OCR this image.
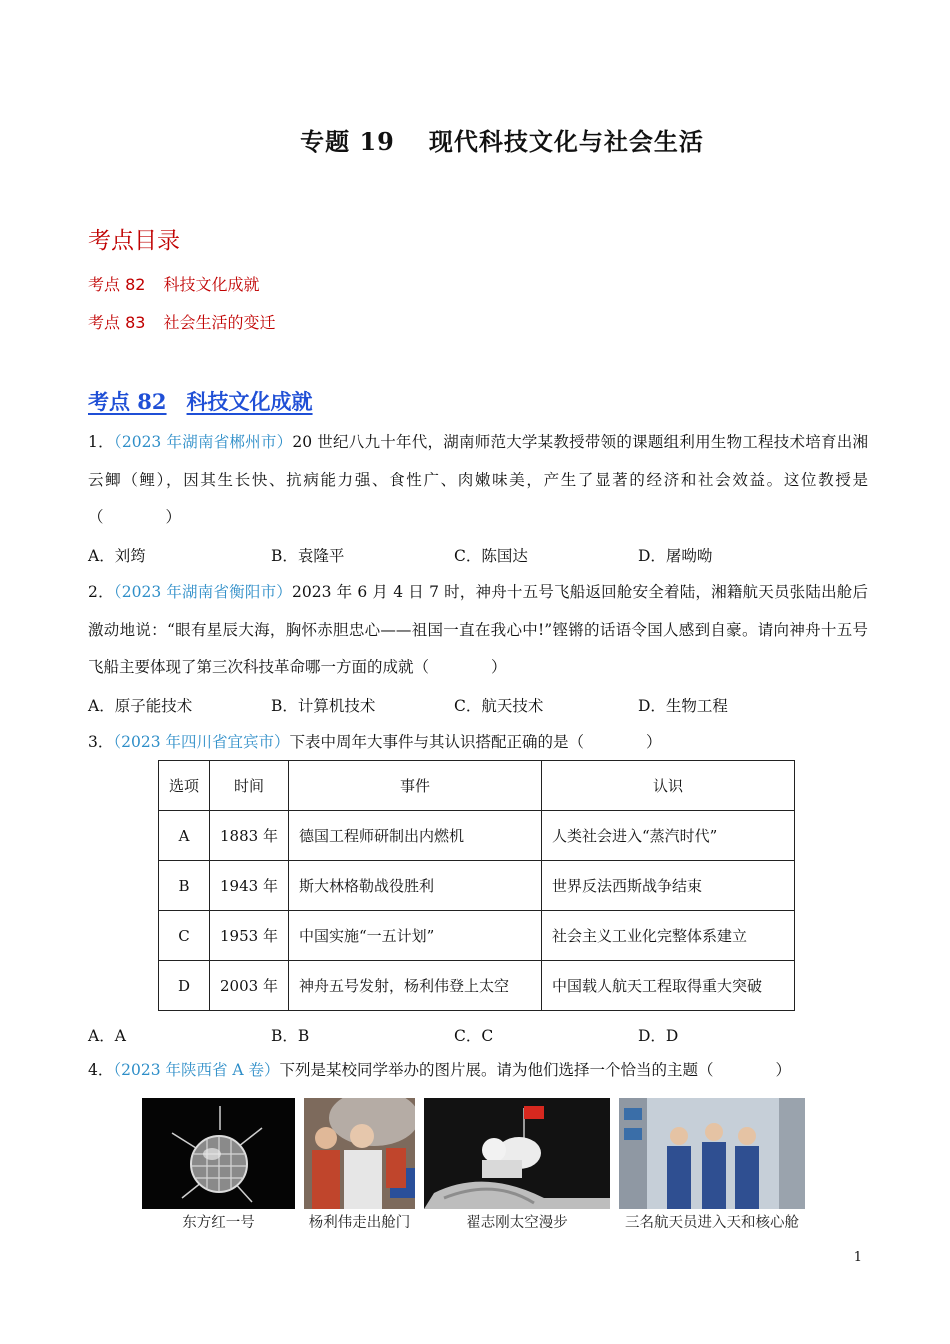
专题 19 现代科技文化与社会生活
考点目录
考点 82 科技文化成就
考点 83 社会生活的变迁
考点 82 科技文化成就
1．（2023 年湖南省郴州市）20 世纪八九十年代，湖南师范大学某教授带领的课题组利用生物工程技术培育出湘云鲫（鲤），因其生长快、抗病能力强、食性广、肉嫩味美，产生了显著的经济和社会效益。这位教授是（　　　　）
A．刘筠	B．袁隆平	C．陈国达	D．屠呦呦
2．（2023 年湖南省衡阳市）2023 年 6 月 4 日 7 时，神舟十五号飞船返回舱安全着陆，湘籍航天员张陆出舱后激动地说：“眼有星辰大海，胸怀赤胆忠心——祖国一直在我心中!”铿锵的话语令国人感到自豪。请向神舟十五号飞船主要体现了第三次科技革命哪一方面的成就（　　　　）
A．原子能技术	B．计算机技术	C．航天技术	D．生物工程
3．（2023 年四川省宜宾市）下表中周年大事件与其认识搭配正确的是（　　　　）
选项	时间	事件	认识
A	1883 年	德国工程师研制出内燃机	人类社会进入“蒸汽时代”
B	1943 年	斯大林格勒战役胜利	世界反法西斯战争结束
C	1953 年	中国实施“一五计划”	社会主义工业化完整体系建立
D	2003 年	神舟五号发射，杨利伟登上太空	中国载人航天工程取得重大突破
A．A	B．B	C．C	D．D
4．（2023 年陕西省 A 卷）下列是某校同学举办的图片展。请为他们选择一个恰当的主题（　　　　）
东方红一号	杨利伟走出舱门	翟志刚太空漫步	三名航天员进入天和核心舱
1
